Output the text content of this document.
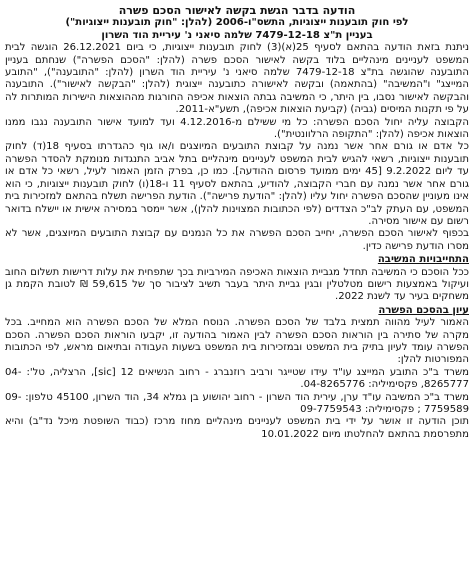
הודעה בדבר הגשת בקשה לאישור הסכם פשרה

לפי חוק תובענות ייצוגיות, התשס"ו-2006 (להלן: "חוק תובענות ייצוגיות")

בעניין ת"צ 7479-12-18 שלמה סיאני נ' עיריית הוד השרון

ניתנת בזאת הודעה בהתאם לסעיף 25(א)(3) לחוק תובענות ייצוגיות, כי ביום 26.12.2021 הוגשה לבית המשפט לעניינים מינהליים בלוד בקשה לאישור הסכם פשרה (להלן: "הסכם הפשרה") שנחתם בעניין התובענה שהוגשה בת"צ 7479-12-18 שלמה סיאני נ' עיריית הוד השרון (להלן: "התובענה"), "התובע המייצג" ו"המשיבה" (בהתאמה) ובקשה לאישורה כתובענה ייצוגית (להלן: "הבקשה לאישור"). התובענה והבקשה לאישור נסבו, בין היתר, כי המשיבה גבתה הוצאות אכיפה החורגות מההוצאות הישירות המותרות לה על פי תקנות המיסים (גביה) (קביעת הוצאות אכיפה), תשע"א-2011.

הקבוצה עליה יחול הסכם הפשרה: כל מי ששילם מ-4.12.2016 ועד למועד אישור התובענה נגבו ממנו הוצאות אכיפה (להלן: "התקופה הרלוונטית").

כל אדם או גורם אחר אשר נמנה על קבוצת התובעים המיוצגים ו/או גוף כהגדרתו בסעיף 18(ד) לחוק תובענות ייצוגיות, רשאי להגיש לבית המשפט לעניינים מינהליים בתל אביב התנגדות מנומקת להסדר הפשרה עד ליום 9.2.2022 [45 ימים ממועד פרסום ההודעה]. כמו כן, בפרק הזמן האמור לעיל, רשאי כל אדם או גורם אחר אשר נמנה עם חברי הקבוצה, להודיע, בהתאם לסעיף 11 ו-18(ו) לחוק תובענות ייצוגיות, כי הוא אינו מעוניין שהסכם הפשרה יחול עליו (להלן: "הודעת פרישה"). הודעת הפרישה תשלח בהתאם למזכירות בית המשפט, עם העתק לב"כ הצדדים (לפי הכתובות המצוינות להלן), אשר יימסר במסירה אישית או יישלח בדואר רשום עם אישור מסירה.

בכפוף לאישור הסכם הפשרה, יחייב הסכם הפשרה את כל הנמנים עם קבוצת התובעים המיוצגים, אשר לא מסרו הודעת פרישה כדין.

התחייבויות המשיבה

ככל הוסכם כי המשיבה תחדל מגביית הוצאות האכיפה המירביות בכך שתפחית את עלות דרישות תשלום החוב ועיקול באמצעות רישום מטלטלין ובגין גביית היתר בעבר תשיב לציבור סך של 59,615 ₪ לטובת הקמת גן משחקים בעיר עד לשנת 2022.

עיון בהסכם הפשרה

האמור לעיל מהווה תמצית בלבד של הסכם הפשרה. הנוסח המלא של הסכם הפשרה הוא המחייב. בכל מקרה של סתירה בין הוראות הסכם הפשרה לבין האמור בהודעה זו, יקבעו הוראות הסכם הפשרה. הסכם הפשרה עומד לעיון בתיק בית המשפט ובמזכירות בית המשפט בשעות העבודה ובתיאום מראש, לפי הכתובות המפורטות להלן:

משרד ב"כ התובע המייצג עו"ד עידו שטייגר ורביב רוזנברג - רחוב הנשיאים 12 [sic], הרצליה, טל': 04-8265777, פקסימיליה: 04-8265776.

משרד ב"כ המשיבה עו"ד ערן, עירית הוד השרון - רחוב יהושוע בן גמלא 34, הוד השרון, 45100 טלפון: 09-7759589 ; פקסימיליה: 09-7759543

תוכן הודעה זו אושר על ידי בית המשפט לעניינים מינהליים מחוז מרכז (כבוד השופטת מיכל נד"ב) והיא מתפרסמת בהתאם להחלטתו מיום 10.01.2022
